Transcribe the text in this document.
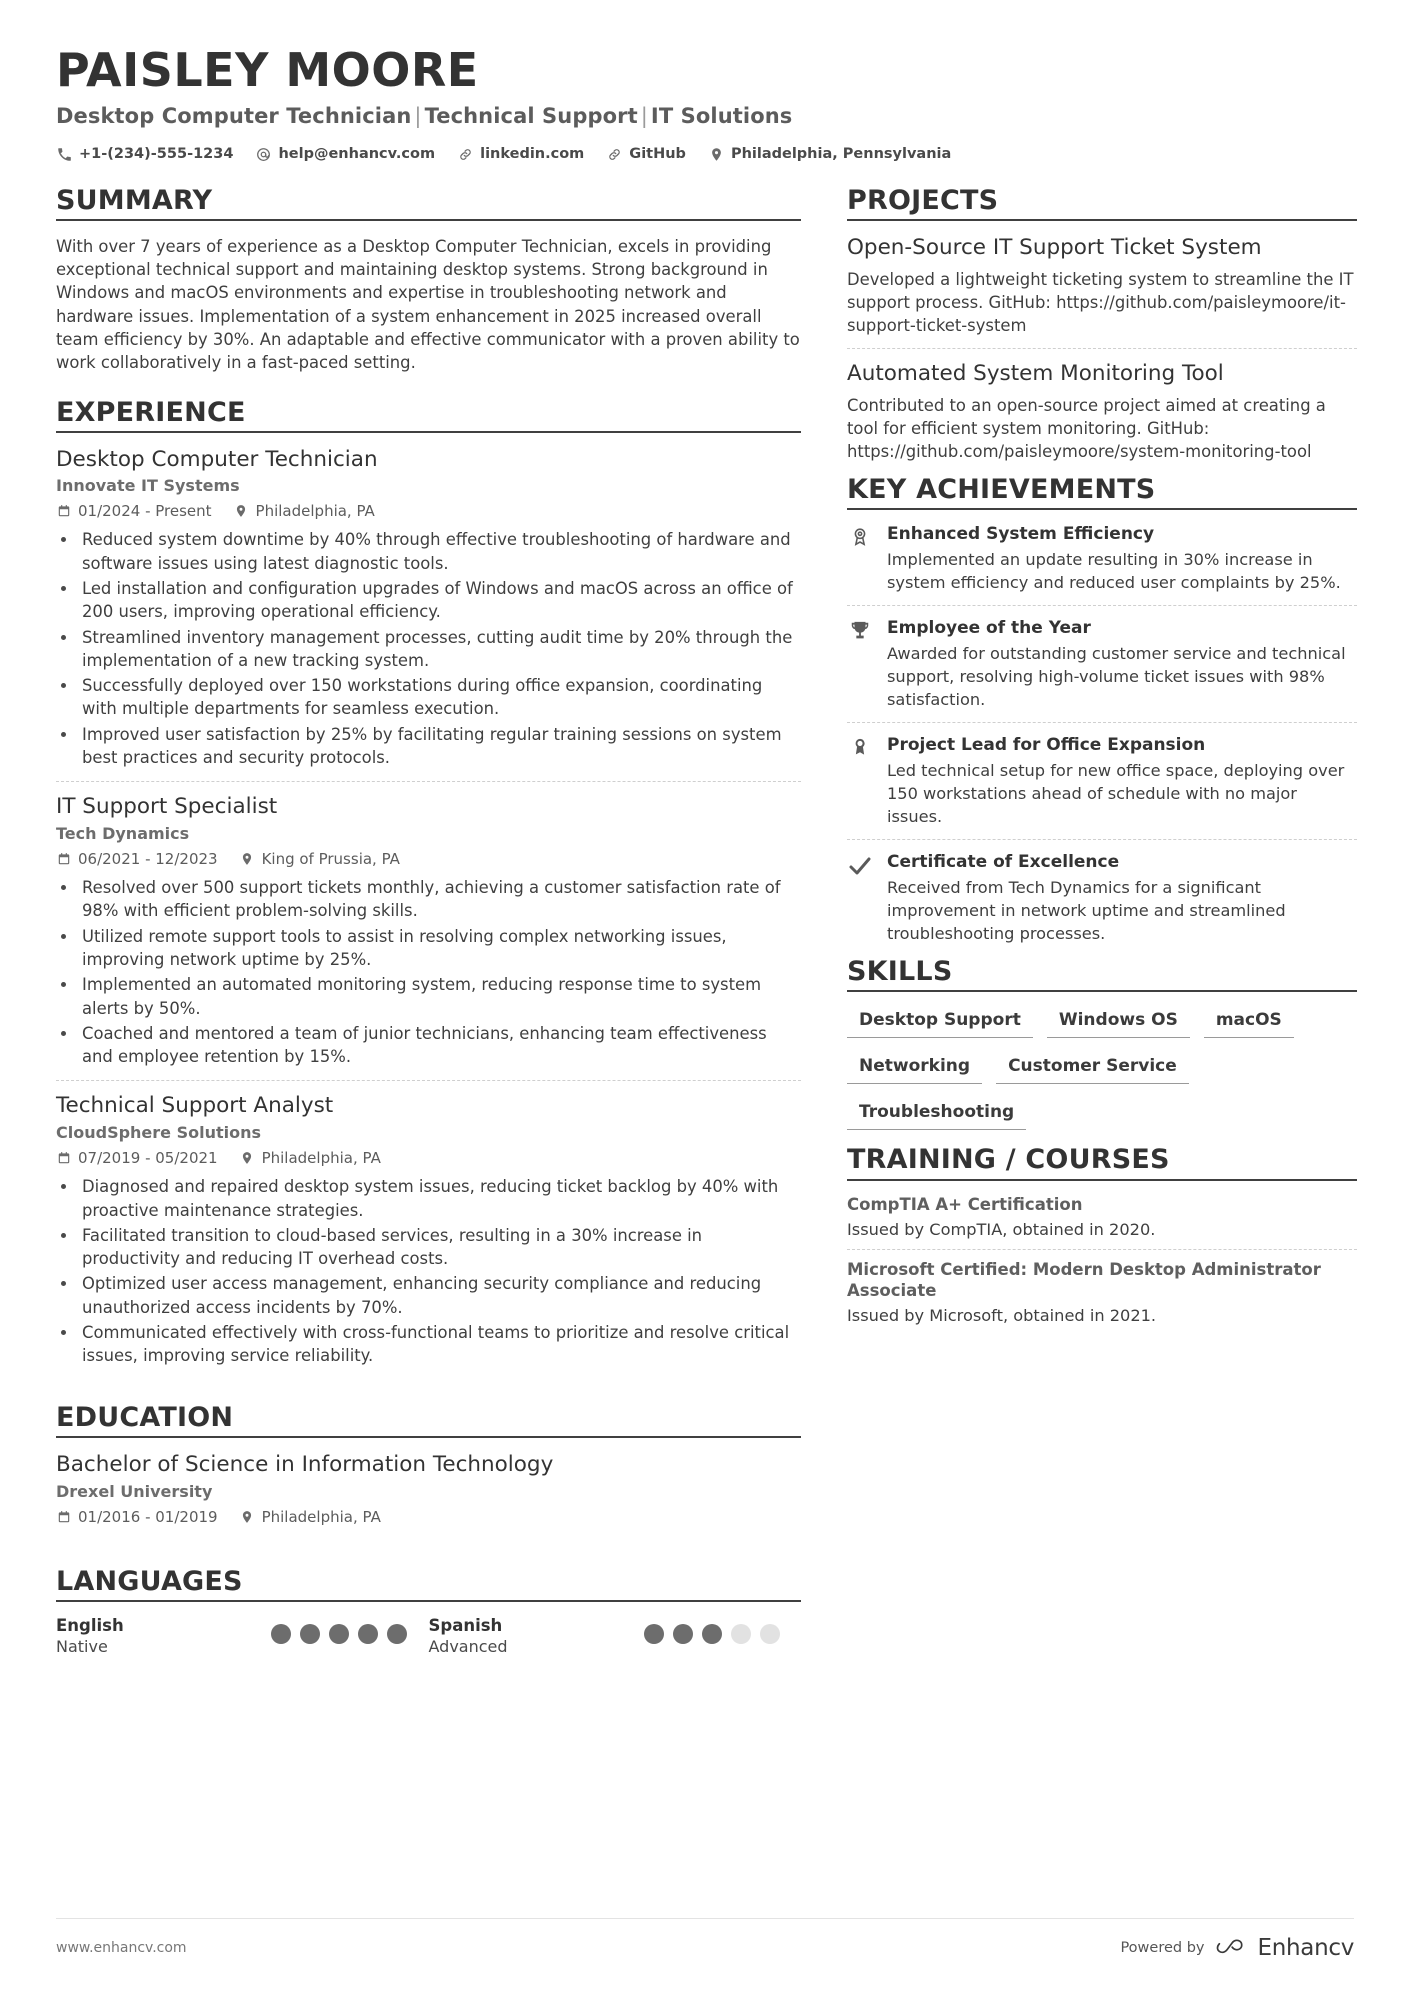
PAISLEY MOORE
Desktop Computer Technician | Technical Support | IT Solutions
+1-(234)-555-1234	help@enhancv.com	linkedin.com	GitHub	Philadelphia, Pennsylvania
SUMMARY

With over 7 years of experience as a Desktop Computer Technician, excels in providing exceptional technical support and maintaining desktop systems. Strong background in Windows and macOS environments and expertise in troubleshooting network and hardware issues. Implementation of a system enhancement in 2025 increased overall team efficiency by 30%. An adaptable and effective communicator with a proven ability to work collaboratively in a fast-paced setting.

EXPERIENCE
Desktop Computer Technician
Innovate IT Systems
01/2024 - Present	Philadelphia, PA
• Reduced system downtime by 40% through effective troubleshooting of hardware and software issues using latest diagnostic tools.
• Led installation and configuration upgrades of Windows and macOS across an office of 200 users, improving operational efficiency.
• Streamlined inventory management processes, cutting audit time by 20% through the implementation of a new tracking system.
• Successfully deployed over 150 workstations during office expansion, coordinating with multiple departments for seamless execution.
• Improved user satisfaction by 25% by facilitating regular training sessions on system best practices and security protocols.
IT Support Specialist
Tech Dynamics
06/2021 - 12/2023	King of Prussia, PA
• Resolved over 500 support tickets monthly, achieving a customer satisfaction rate of 98% with efficient problem-solving skills.
• Utilized remote support tools to assist in resolving complex networking issues, improving network uptime by 25%.
• Implemented an automated monitoring system, reducing response time to system alerts by 50%.
• Coached and mentored a team of junior technicians, enhancing team effectiveness and employee retention by 15%.
Technical Support Analyst
CloudSphere Solutions
07/2019 - 05/2021	Philadelphia, PA
• Diagnosed and repaired desktop system issues, reducing ticket backlog by 40% with proactive maintenance strategies.
• Facilitated transition to cloud-based services, resulting in a 30% increase in productivity and reducing IT overhead costs.
• Optimized user access management, enhancing security compliance and reducing unauthorized access incidents by 70%.
• Communicated effectively with cross-functional teams to prioritize and resolve critical issues, improving service reliability.
EDUCATION
Bachelor of Science in Information Technology
Drexel University
01/2016 - 01/2019	Philadelphia, PA
LANGUAGES
English
Native
Spanish
Advanced
PROJECTS
Open-Source IT Support Ticket System

Developed a lightweight ticketing system to streamline the IT support process. GitHub: https://github.com/paisleymoore/it-support-ticket-system

Automated System Monitoring Tool

Contributed to an open-source project aimed at creating a tool for efficient system monitoring. GitHub: https://github.com/paisleymoore/system-monitoring-tool

KEY ACHIEVEMENTS
Enhanced System Efficiency

Implemented an update resulting in 30% increase in system efficiency and reduced user complaints by 25%.

Employee of the Year

Awarded for outstanding customer service and technical support, resolving high-volume ticket issues with 98% satisfaction.

Project Lead for Office Expansion

Led technical setup for new office space, deploying over 150 workstations ahead of schedule with no major issues.

Certificate of Excellence

Received from Tech Dynamics for a significant improvement in network uptime and streamlined troubleshooting processes.

SKILLS
Desktop Support	Windows OS	macOS
Networking	Customer Service
Troubleshooting
TRAINING / COURSES
CompTIA A+ Certification

Issued by CompTIA, obtained in 2020.

Microsoft Certified: Modern Desktop Administrator Associate

Issued by Microsoft, obtained in 2021.

www.enhancv.com	Powered by Enhancv
